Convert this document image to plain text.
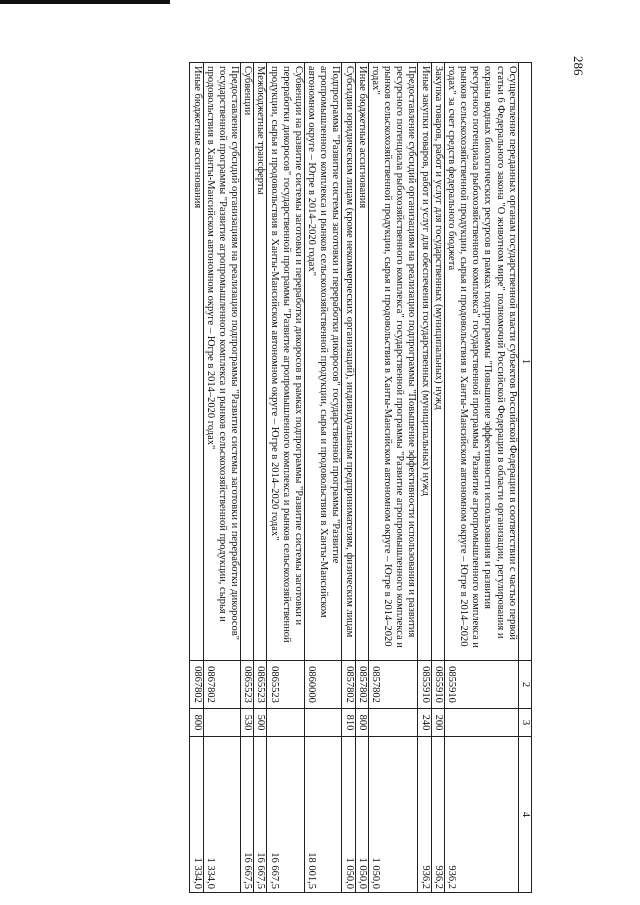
286
1	2	3	4
Осуществление переданных органам государственной власти субъектов Российской Федерации в соответствии с частью первой статьи 6 Федерального закона "О животном мире" полномочий Российской Федерации в области организации, регулирования и охраны водных биологических ресурсов в рамках подпрограммы "Повышение эффективности использования и развития ресурсного потенциала рыбохозяйственного комплекса" государственной программы "Развитие агропромышленного комплекса и рынков сельскохозяйственной продукции, сырья и продовольствия в Ханты-Мансийском автономном округе – Югре в 2014–2020 годах" за счет средств федерального бюджета	0855910		936,2
Закупка товаров, работ и услуг для государственных (муниципальных) нужд	0855910	200	936,2
Иные закупки товаров, работ и услуг для обеспечения государственных (муниципальных) нужд	0855910	240	936,2
Предоставление субсидий организациям на реализацию подпрограммы "Повышение эффективности использования и развития ресурсного потенциала рыбохозяйственного комплекса" государственной программы "Развитие агропромышленного комплекса и рынков сельскохозяйственной продукции, сырья и продовольствия в Ханты-Мансийском автономном округе – Югре в 2014–2020 годах"	0857802		1 050,0
Иные бюджетные ассигнования	0857802	800	1 050,0
Субсидии юридическим лицам (кроме некоммерческих организаций), индивидуальным предпринимателям, физическим лицам	0857802	810	1 050,0
Подпрограмма "Развитие системы заготовки и переработки дикоросов" государственной программы "Развитие агропромышленного комплекса и рынков сельскохозяйственной продукции, сырья и продовольствия в Ханты-Мансийском автономном округе – Югре в 2014–2020 годах"	0860000		18 001,5
Субвенции на развитие системы заготовки и переработки дикоросов в рамках подпрограммы "Развитие системы заготовки и переработки дикоросов" государственной программы "Развитие агропромышленного комплекса и рынков сельскохозяйственной продукции, сырья и продовольствия в Ханты-Мансийском автономном округе – Югре в 2014–2020 годах"	0865523		16 667,5
Межбюджетные трансферты	0865523	500	16 667,5
Субвенции	0865523	530	16 667,5
Предоставление субсидий организациям на реализацию подпрограммы "Развитие системы заготовки и переработки дикоросов" государственной программы "Развитие агропромышленного комплекса и рынков сельскохозяйственной продукции, сырья и продовольствия в Ханты-Мансийском автономном округе – Югре в 2014–2020 годах"	0867802		1 334,0
Иные бюджетные ассигнования	0867802	800	1 334,0
